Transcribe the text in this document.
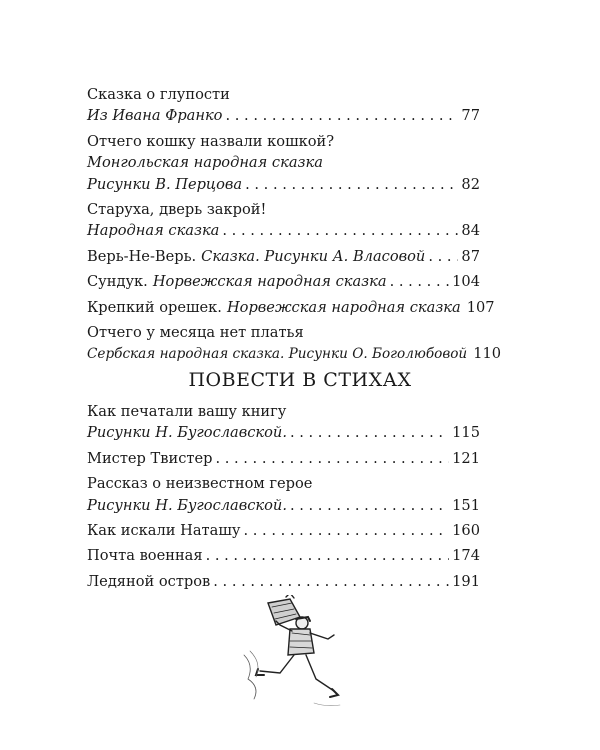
Сказка о глупости
Из Ивана Франко . . .	77
Отчего кошку назвали кошкой?
Монгольская народная сказка
Рисунки В. Перцова . . .	82
Старуха, дверь закрой!
Народная сказка . . .	84
Верь-Не-Верь. Сказка. Рисунки А. Власовой . . . 87
Сундук. Норвежская народная сказка . . .	104
Крепкий орешек. Норвежская народная сказка 107
Отчего у месяца нет платья
Сербская народная сказка. Рисунки О. Боголюбовой 110
ПОВЕСТИ В СТИХАХ
Как печатали вашу книгу
Рисунки Н. Бугославской. . . .	115
Мистер Твистер . . .	121
Рассказ о неизвестном герое
Рисунки Н. Бугославской. . . .	151
Как искали Наташу . . .	160
Почта военная . . .	174
Ледяной остров . . .	191
